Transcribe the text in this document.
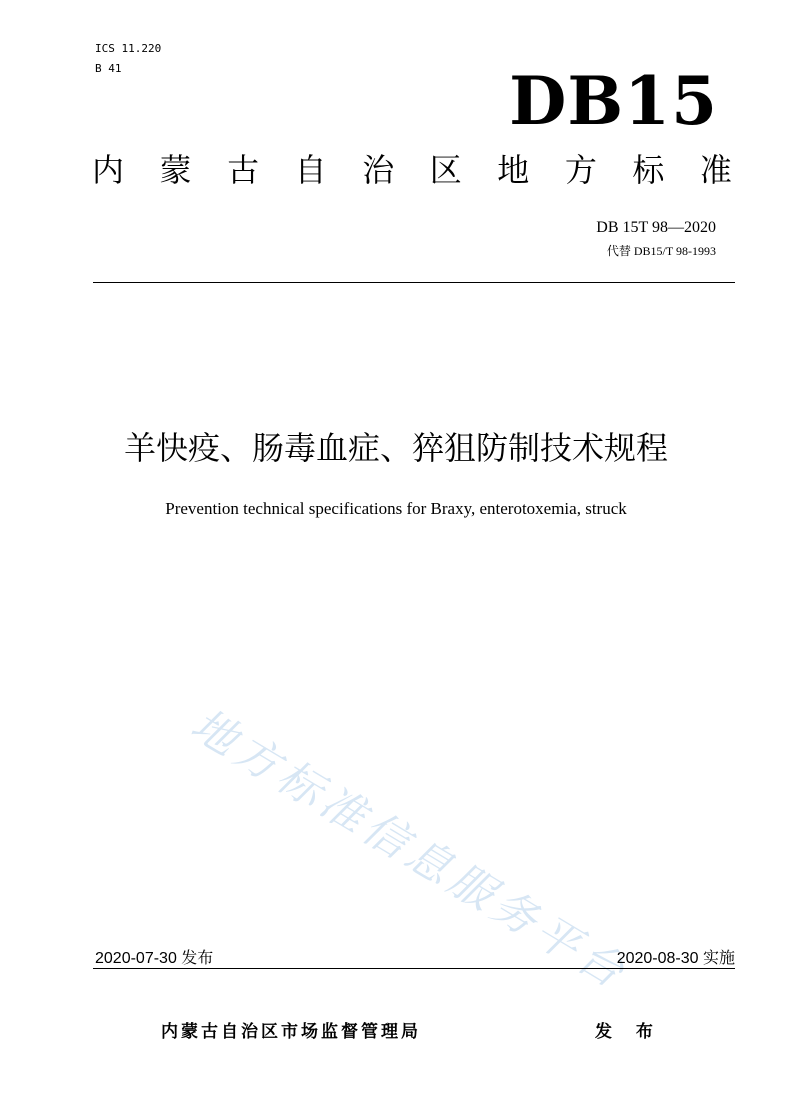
ICS 11.220
B 41	DB15
内 蒙 古 自 治 区 地 方 标 准
DB 15T 98—2020
代替 DB15/T 98-1993
羊快疫、肠毒血症、猝狙防制技术规程
Prevention technical specifications for Braxy, enterotoxemia, struck
地方标准信息服务平台
2020-07-30 发布	2020-08-30 实施
内蒙古自治区市场监督管理局	发 布
